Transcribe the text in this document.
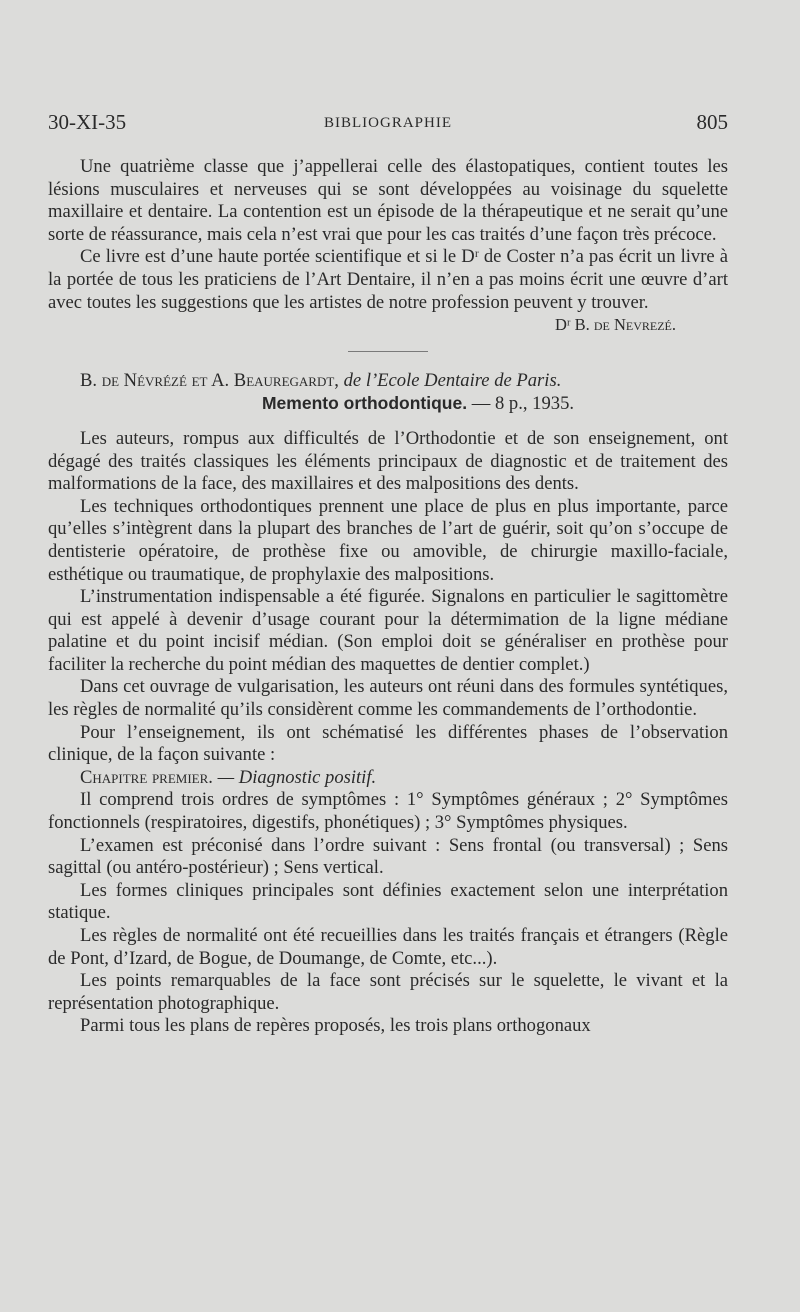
30-XI-35	BIBLIOGRAPHIE	805

Une quatrième classe que j’appellerai celle des élastopatiques, contient toutes les lésions musculaires et nerveuses qui se sont développées au voisinage du squelette maxillaire et dentaire. La contention est un épisode de la thérapeutique et ne serait qu’une sorte de réassurance, mais cela n’est vrai que pour les cas traités d’une façon très précoce.

Ce livre est d’une haute portée scientifique et si le Dʳ de Coster n’a pas écrit un livre à la portée de tous les praticiens de l’Art Dentaire, il n’en a pas moins écrit une œuvre d’art avec toutes les suggestions que les artistes de notre profession peuvent y trouver.

Dʳ B. de Nevrezé.

B. de Névrézé et A. Beauregardt, de l’Ecole Dentaire de Paris.

Memento orthodontique. — 8 p., 1935.

Les auteurs, rompus aux difficultés de l’Orthodontie et de son enseignement, ont dégagé des traités classiques les éléments principaux de diagnostic et de traitement des malformations de la face, des maxillaires et des malpositions des dents.

Les techniques orthodontiques prennent une place de plus en plus importante, parce qu’elles s’intègrent dans la plupart des branches de l’art de guérir, soit qu’on s’occupe de dentisterie opératoire, de prothèse fixe ou amovible, de chirurgie maxillo-faciale, esthétique ou traumatique, de prophylaxie des malpositions.

L’instrumentation indispensable a été figurée. Signalons en particulier le sagittomètre qui est appelé à devenir d’usage courant pour la détermimation de la ligne médiane palatine et du point incisif médian. (Son emploi doit se généraliser en prothèse pour faciliter la recherche du point médian des maquettes de dentier complet.)

Dans cet ouvrage de vulgarisation, les auteurs ont réuni dans des formules syntétiques, les règles de normalité qu’ils considèrent comme les commandements de l’orthodontie.

Pour l’enseignement, ils ont schématisé les différentes phases de l’observation clinique, de la façon suivante :

Chapitre premier. — Diagnostic positif.

Il comprend trois ordres de symptômes : 1° Symptômes généraux ; 2° Symptômes fonctionnels (respiratoires, digestifs, phonétiques) ; 3° Symptômes physiques.

L’examen est préconisé dans l’ordre suivant : Sens frontal (ou transversal) ; Sens sagittal (ou antéro-postérieur) ; Sens vertical.

Les formes cliniques principales sont définies exactement selon une interprétation statique.

Les règles de normalité ont été recueillies dans les traités français et étrangers (Règle de Pont, d’Izard, de Bogue, de Doumange, de Comte, etc...).

Les points remarquables de la face sont précisés sur le squelette, le vivant et la représentation photographique.

Parmi tous les plans de repères proposés, les trois plans orthogonaux
